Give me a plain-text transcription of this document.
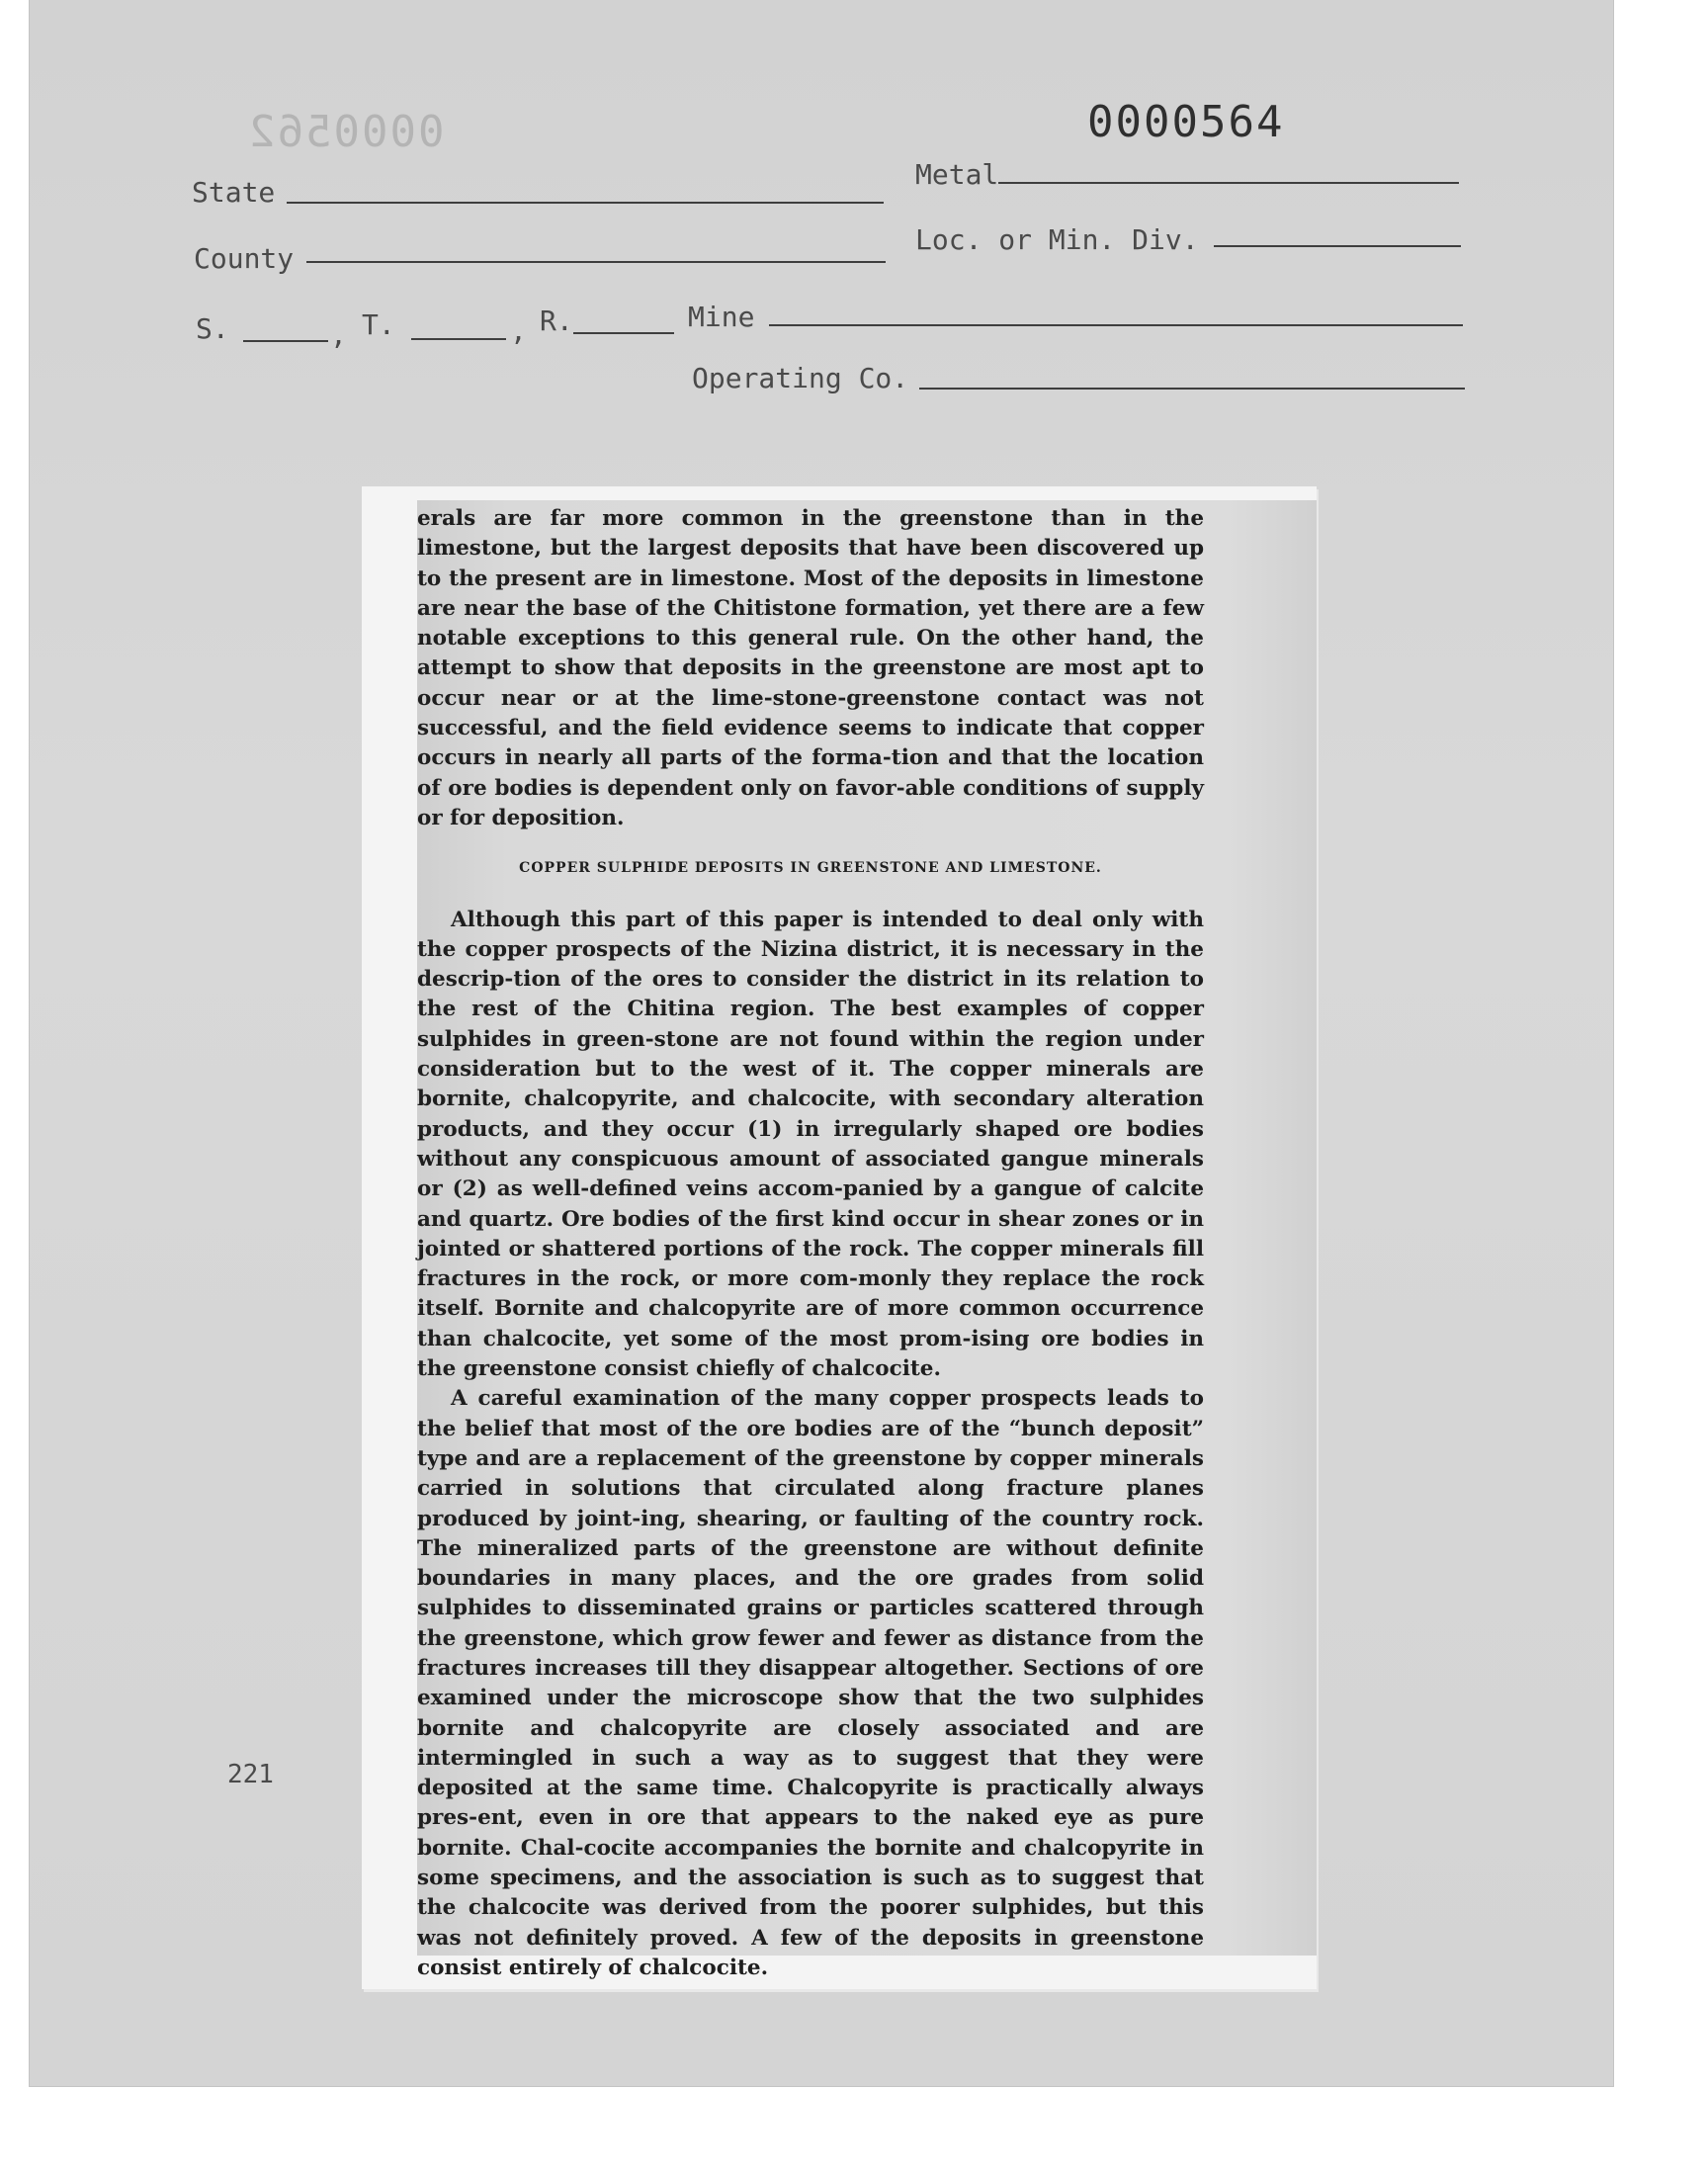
0000562	0000564
State
Metal
County
Loc. or Min. Div.
S.	, T.	, R.	Mine
Operating Co.

erals are far more common in the greenstone than in the limestone, but the largest deposits that have been discovered up to the present are in limestone. Most of the deposits in limestone are near the base of the Chitistone formation, yet there are a few notable exceptions to this general rule. On the other hand, the attempt to show that deposits in the greenstone are most apt to occur near or at the lime-stone-greenstone contact was not successful, and the field evidence seems to indicate that copper occurs in nearly all parts of the forma-tion and that the location of ore bodies is dependent only on favor-able conditions of supply or for deposition.

COPPER SULPHIDE DEPOSITS IN GREENSTONE AND LIMESTONE.

Although this part of this paper is intended to deal only with the copper prospects of the Nizina district, it is necessary in the descrip-tion of the ores to consider the district in its relation to the rest of the Chitina region. The best examples of copper sulphides in green-stone are not found within the region under consideration but to the west of it. The copper minerals are bornite, chalcopyrite, and chalcocite, with secondary alteration products, and they occur (1) in irregularly shaped ore bodies without any conspicuous amount of associated gangue minerals or (2) as well-defined veins accom-panied by a gangue of calcite and quartz. Ore bodies of the first kind occur in shear zones or in jointed or shattered portions of the rock. The copper minerals fill fractures in the rock, or more com-monly they replace the rock itself. Bornite and chalcopyrite are of more common occurrence than chalcocite, yet some of the most prom-ising ore bodies in the greenstone consist chiefly of chalcocite.

A careful examination of the many copper prospects leads to the belief that most of the ore bodies are of the “bunch deposit” type and are a replacement of the greenstone by copper minerals carried in solutions that circulated along fracture planes produced by joint-ing, shearing, or faulting of the country rock. The mineralized parts of the greenstone are without definite boundaries in many places, and the ore grades from solid sulphides to disseminated grains or particles scattered through the greenstone, which grow fewer and fewer as distance from the fractures increases till they disappear altogether. Sections of ore examined under the microscope show that the two sulphides bornite and chalcopyrite are closely associated and are intermingled in such a way as to suggest that they were deposited at the same time. Chalcopyrite is practically always pres-ent, even in ore that appears to the naked eye as pure bornite. Chal-cocite accompanies the bornite and chalcopyrite in some specimens, and the association is such as to suggest that the chalcocite was derived from the poorer sulphides, but this was not definitely proved. A few of the deposits in greenstone consist entirely of chalcocite.

221
